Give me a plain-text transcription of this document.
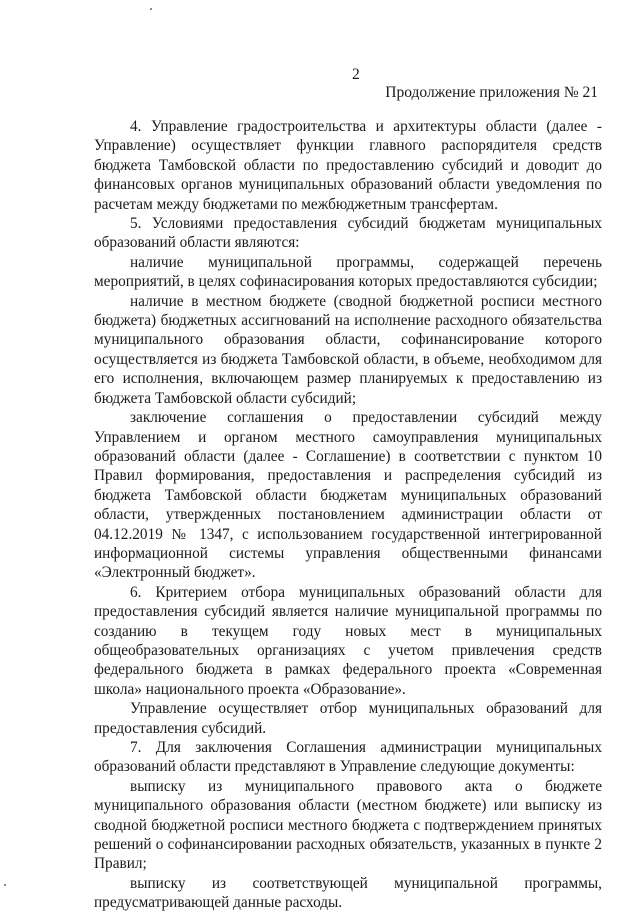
2
Продолжение приложения № 21

4. Управление градостроительства и архитектуры области (далее - Управление) осуществляет функции главного распорядителя средств бюджета Тамбовской области по предоставлению субсидий и доводит до финансовых органов муниципальных образований области уведомления по расчетам между бюджетами по межбюджетным трансфертам.

5. Условиями предоставления субсидий бюджетам муниципальных образований области являются:

наличие муниципальной программы, содержащей перечень мероприятий, в целях софинасирования которых предоставляются субсидии;

наличие в местном бюджете (сводной бюджетной росписи местного бюджета) бюджетных ассигнований на исполнение расходного обязательства муниципального образования области, софинансирование которого осуществляется из бюджета Тамбовской области, в объеме, необходимом для его исполнения, включающем размер планируемых к предоставлению из бюджета Тамбовской области субсидий;

заключение соглашения о предоставлении субсидий между Управлением и органом местного самоуправления муниципальных образований области (далее - Соглашение) в соответствии с пунктом 10 Правил формирования, предоставления и распределения субсидий из бюджета Тамбовской области бюджетам муниципальных образований области, утвержденных постановлением администрации области от 04.12.2019 № 1347, с использованием государственной интегрированной информационной системы управления общественными финансами «Электронный бюджет».

6. Критерием отбора муниципальных образований области для предоставления субсидий является наличие муниципальной программы по созданию в текущем году новых мест в муниципальных общеобразовательных организациях с учетом привлечения средств федерального бюджета в рамках федерального проекта «Современная школа» национального проекта «Образование».

Управление осуществляет отбор муниципальных образований для предоставления субсидий.

7. Для заключения Соглашения администрации муниципальных образований области представляют в Управление следующие документы:

выписку из муниципального правового акта о бюджете муниципального образования области (местном бюджете) или выписку из сводной бюджетной росписи местного бюджета с подтверждением принятых решений о софинансировании расходных обязательств, указанных в пункте 2 Правил;

выписку из соответствующей муниципальной программы, предусматривающей данные расходы.
